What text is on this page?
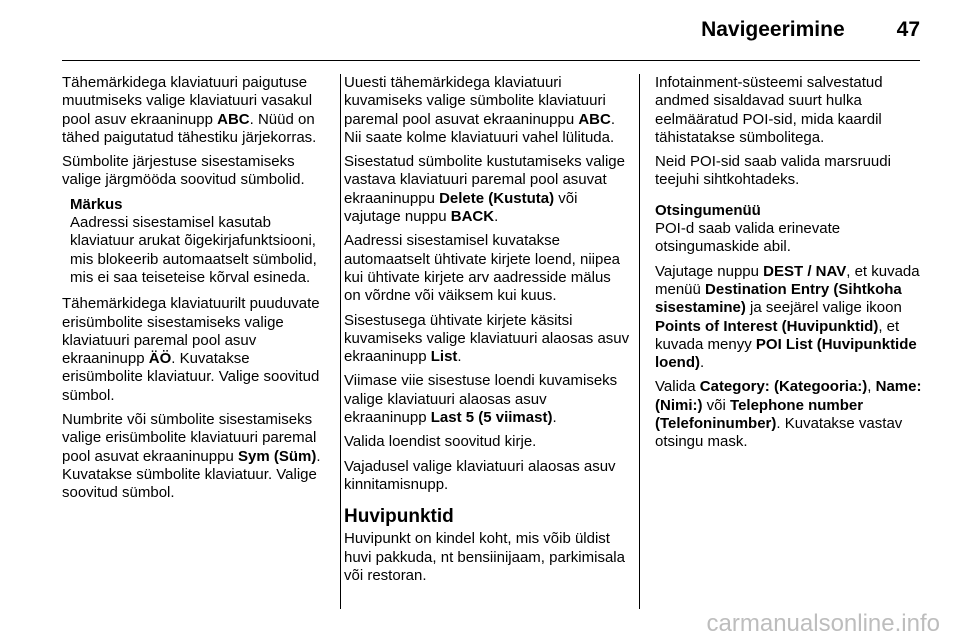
Navigeerimine 47

Tähemärkidega klaviatuuri paigutuse muutmiseks valige klaviatuuri vasakul pool asuv ekraaninupp ABC. Nüüd on tähed paigutatud tähestiku järjekorras.

Sümbolite järjestuse sisestamiseks valige järgmööda soovitud sümbolid.

Märkus
Aadressi sisestamisel kasutab klaviatuur arukat õigekirjafunktsiooni, mis blokeerib automaatselt sümbolid, mis ei saa teiseteise kõrval esineda.

Tähemärkidega klaviatuurilt puuduvate erisümbolite sisestamiseks valige klaviatuuri paremal pool asuv ekraaninupp ÄÖ. Kuvatakse erisümbolite klaviatuur. Valige soovitud sümbol.

Numbrite või sümbolite sisestamiseks valige erisümbolite klaviatuuri paremal pool asuvat ekraaninuppu Sym (Süm). Kuvatakse sümbolite klaviatuur. Valige soovitud sümbol.

Uuesti tähemärkidega klaviatuuri kuvamiseks valige sümbolite klaviatuuri paremal pool asuvat ekraaninuppu ABC. Nii saate kolme klaviatuuri vahel lülituda.

Sisestatud sümbolite kustutamiseks valige vastava klaviatuuri paremal pool asuvat ekraaninuppu Delete (Kustuta) või vajutage nuppu BACK.

Aadressi sisestamisel kuvatakse automaatselt ühtivate kirjete loend, niipea kui ühtivate kirjete arv aadresside mälus on võrdne või väiksem kui kuus.

Sisestusega ühtivate kirjete käsitsi kuvamiseks valige klaviatuuri alaosas asuv ekraaninupp List.

Viimase viie sisestuse loendi kuvamiseks valige klaviatuuri alaosas asuv ekraaninupp Last 5 (5 viimast).

Valida loendist soovitud kirje.

Vajadusel valige klaviatuuri alaosas asuv kinnitamisnupp.

Huvipunktid

Huvipunkt on kindel koht, mis võib üldist huvi pakkuda, nt bensiinijaam, parkimisala või restoran.

Infotainment-süsteemi salvestatud andmed sisaldavad suurt hulka eelmääratud POI-sid, mida kaardil tähistatakse sümbolitega.

Neid POI-sid saab valida marsruudi teejuhi sihtkohtadeks.

Otsingumenüü

POI-d saab valida erinevate otsingumaskide abil.

Vajutage nuppu DEST / NAV, et kuvada menüü Destination Entry (Sihtkoha sisestamine) ja seejärel valige ikoon Points of Interest (Huvipunktid), et kuvada menyy POI List (Huvipunktide loend).

Valida Category: (Kategooria:), Name: (Nimi:) või Telephone number (Telefoninumber). Kuvatakse vastav otsingu mask.

carmanualsonline.info
